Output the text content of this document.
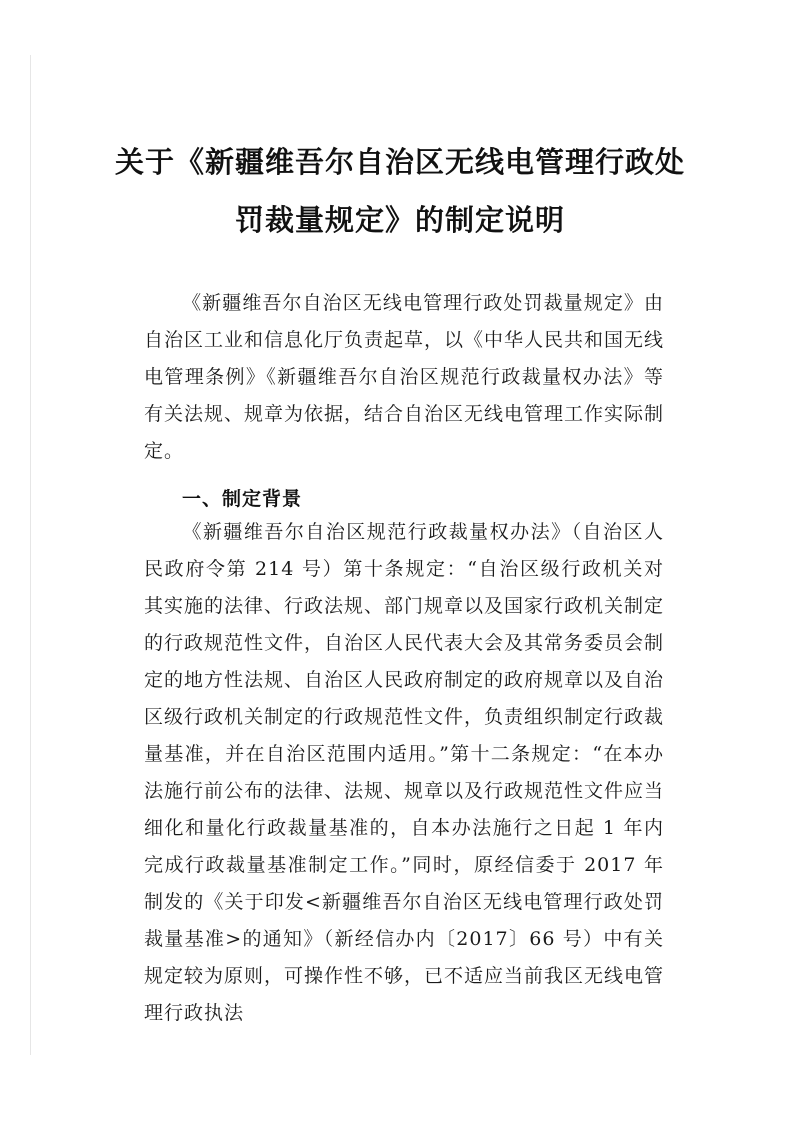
关于《新疆维吾尔自治区无线电管理行政处
罚裁量规定》的制定说明
《新疆维吾尔自治区无线电管理行政处罚裁量规定》由自治区工业和信息化厅负责起草，以《中华人民共和国无线电管理条例》《新疆维吾尔自治区规范行政裁量权办法》等有关法规、规章为依据，结合自治区无线电管理工作实际制定。
一、制定背景
《新疆维吾尔自治区规范行政裁量权办法》（自治区人民政府令第 214 号）第十条规定：“自治区级行政机关对其实施的法律、行政法规、部门规章以及国家行政机关制定的行政规范性文件，自治区人民代表大会及其常务委员会制定的地方性法规、自治区人民政府制定的政府规章以及自治区级行政机关制定的行政规范性文件，负责组织制定行政裁量基准，并在自治区范围内适用。”第十二条规定：“在本办法施行前公布的法律、法规、规章以及行政规范性文件应当细化和量化行政裁量基准的，自本办法施行之日起 1 年内完成行政裁量基准制定工作。”同时，原经信委于 2017 年制发的《关于印发<新疆维吾尔自治区无线电管理行政处罚裁量基准>的通知》（新经信办内〔2017〕66 号）中有关规定较为原则，可操作性不够，已不适应当前我区无线电管理行政执法
